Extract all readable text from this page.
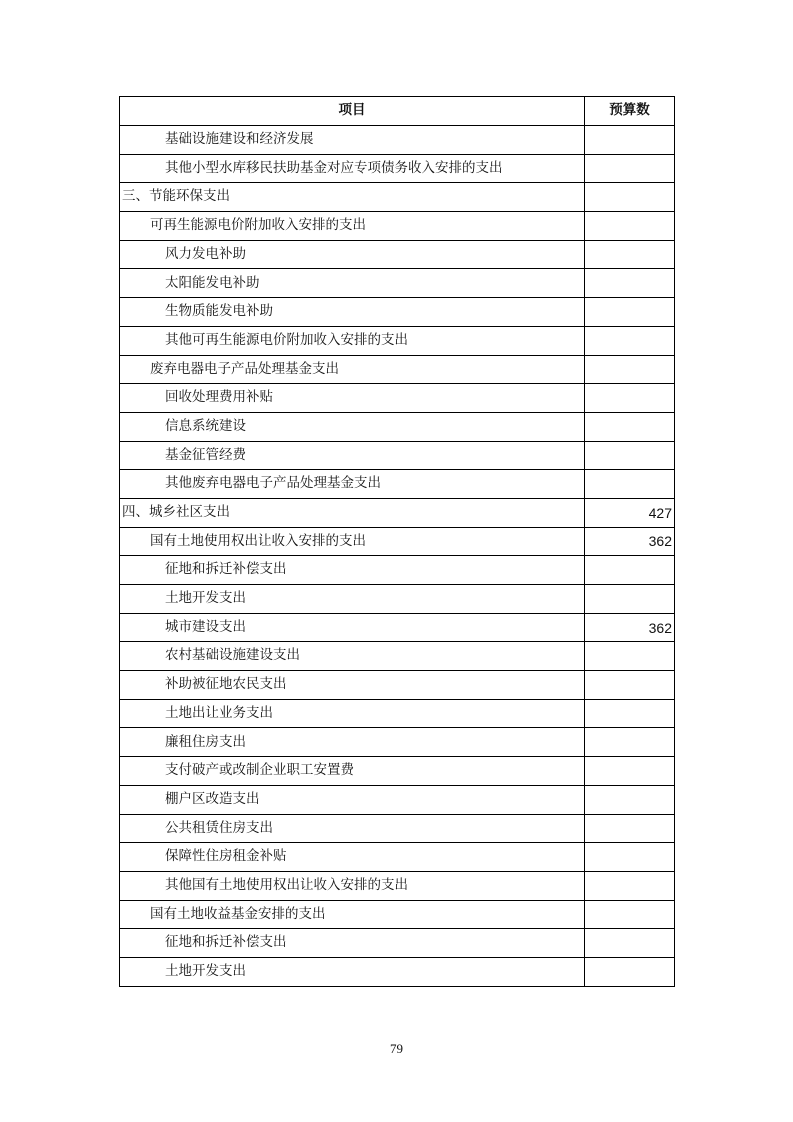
项目	预算数
基础设施建设和经济发展	
其他小型水库移民扶助基金对应专项债务收入安排的支出	
三、节能环保支出	
可再生能源电价附加收入安排的支出	
风力发电补助	
太阳能发电补助	
生物质能发电补助	
其他可再生能源电价附加收入安排的支出	
废弃电器电子产品处理基金支出	
回收处理费用补贴	
信息系统建设	
基金征管经费	
其他废弃电器电子产品处理基金支出	
四、城乡社区支出	427
国有土地使用权出让收入安排的支出	362
征地和拆迁补偿支出	
土地开发支出	
城市建设支出	362
农村基础设施建设支出	
补助被征地农民支出	
土地出让业务支出	
廉租住房支出	
支付破产或改制企业职工安置费	
棚户区改造支出	
公共租赁住房支出	
保障性住房租金补贴	
其他国有土地使用权出让收入安排的支出	
国有土地收益基金安排的支出	
征地和拆迁补偿支出	
土地开发支出	
79
